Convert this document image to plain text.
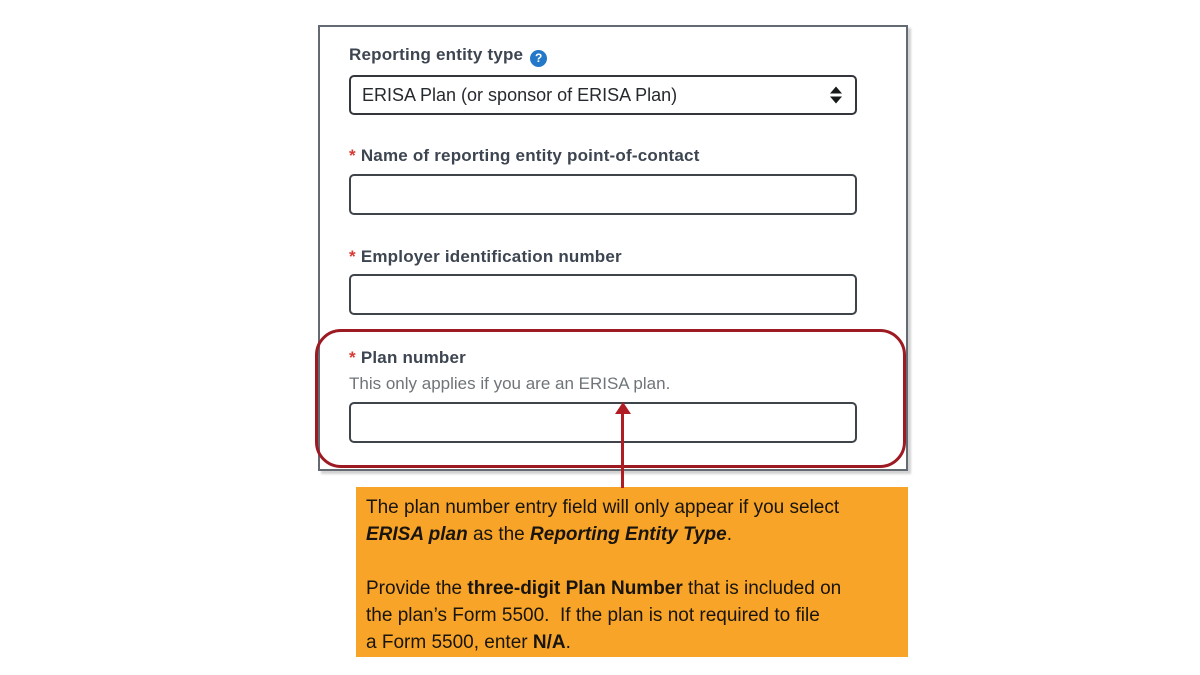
Reporting entity type ?
ERISA Plan (or sponsor of ERISA Plan)
* Name of reporting entity point-of-contact
* Employer identification number
* Plan number
This only applies if you are an ERISA plan.
The plan number entry field will only appear if you select
ERISA plan as the Reporting Entity Type.
Provide the three-digit Plan Number that is included on
the plan’s Form 5500.  If the plan is not required to file
a Form 5500, enter N/A.
